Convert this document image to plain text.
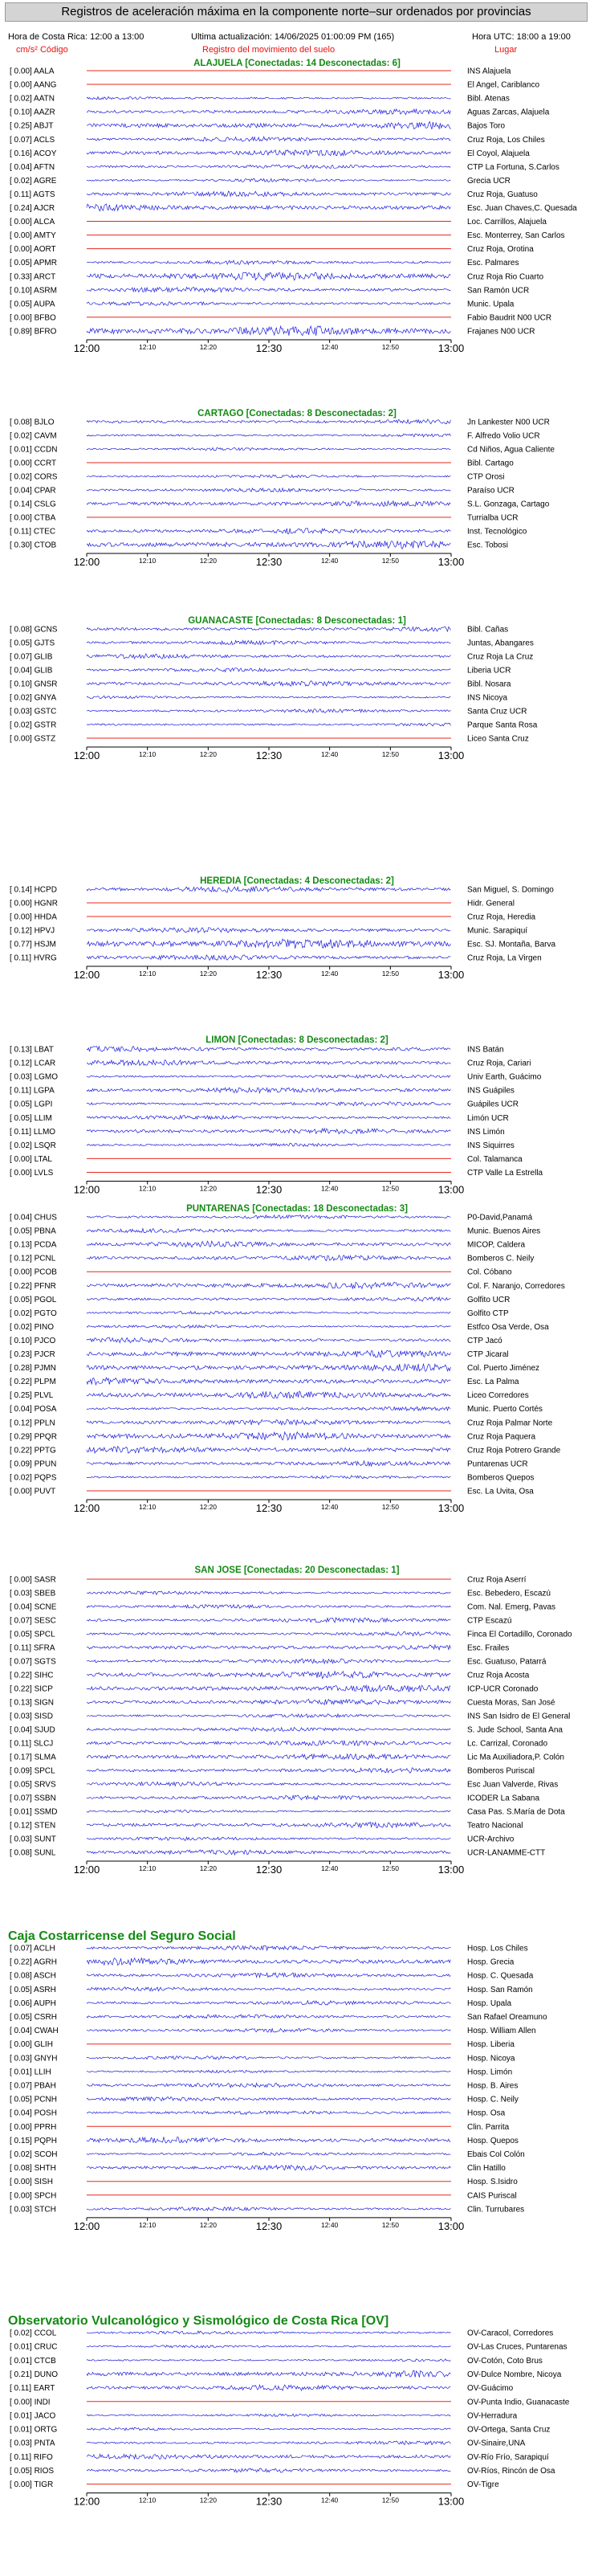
Registros de aceleración máxima en la componente norte–sur ordenados por provincias
Hora de Costa Rica: 12:00 a 13:00	Ultima actualización: 14/06/2025 01:00:09 PM (165)	Hora UTC: 18:00 a 19:00
cm/s² Código	Registro del movimiento del suelo	Lugar
ALAJUELA [Conectadas: 14 Desconectadas: 6]
[ 0.00] AALA	INS Alajuela
[ 0.00] AANG	El Angel, Cariblanco
[ 0.02] AATN	Bibl. Atenas
[ 0.10] AAZR	Aguas Zarcas, Alajuela
[ 0.25] ABJT	Bajos Toro
[ 0.07] ACLS	Cruz Roja, Los Chiles
[ 0.16] ACOY	El Coyol, Alajuela
[ 0.04] AFTN	CTP La Fortuna, S.Carlos
[ 0.02] AGRE	Grecia UCR
[ 0.11] AGTS	Cruz Roja, Guatuso
[ 0.24] AJCR	Esc. Juan Chaves,C. Quesada
[ 0.00] ALCA	Loc. Carrillos, Alajuela
[ 0.00] AMTY	Esc. Monterrey, San Carlos
[ 0.00] AORT	Cruz Roja, Orotina
[ 0.05] APMR	Esc. Palmares
[ 0.33] ARCT	Cruz Roja Rio Cuarto
[ 0.10] ASRM	San Ramón UCR
[ 0.05] AUPA	Munic. Upala
[ 0.00] BFBO	Fabio Baudrit N00 UCR
[ 0.89] BFRO	Frajanes N00 UCR
12:00	12:10	12:20	12:30	12:40	12:50	13:00
CARTAGO [Conectadas: 8 Desconectadas: 2]
[ 0.08] BJLO	Jn Lankester N00 UCR
[ 0.02] CAVM	F. Alfredo Volio UCR
[ 0.01] CCDN	Cd Niños, Agua Caliente
[ 0.00] CCRT	Bibl. Cartago
[ 0.02] CORS	CTP Orosi
[ 0.04] CPAR	Paraíso UCR
[ 0.14] CSLG	S.L. Gonzaga, Cartago
[ 0.00] CTBA	Turrialba UCR
[ 0.11] CTEC	Inst. Tecnológico
[ 0.30] CTOB	Esc. Tobosi
12:00	12:10	12:20	12:30	12:40	12:50	13:00
GUANACASTE [Conectadas: 8 Desconectadas: 1]
[ 0.08] GCNS	Bibl. Cañas
[ 0.05] GJTS	Juntas, Abangares
[ 0.07] GLIB	Cruz Roja La Cruz
[ 0.04] GLIB	Liberia UCR
[ 0.10] GNSR	Bibl. Nosara
[ 0.02] GNYA	INS Nicoya
[ 0.03] GSTC	Santa Cruz UCR
[ 0.02] GSTR	Parque Santa Rosa
[ 0.00] GSTZ	Liceo Santa Cruz
12:00	12:10	12:20	12:30	12:40	12:50	13:00
HEREDIA [Conectadas: 4 Desconectadas: 2]
[ 0.14] HCPD	San Miguel, S. Domingo
[ 0.00] HGNR	Hidr. General
[ 0.00] HHDA	Cruz Roja, Heredia
[ 0.12] HPVJ	Munic. Sarapiquí
[ 0.77] HSJM	Esc. SJ. Montaña, Barva
[ 0.11] HVRG	Cruz Roja, La Virgen
12:00	12:10	12:20	12:30	12:40	12:50	13:00
LIMON [Conectadas: 8 Desconectadas: 2]
[ 0.13] LBAT	INS Batán
[ 0.12] LCAR	Cruz Roja, Cariari
[ 0.03] LGMO	Univ Earth, Guácimo
[ 0.11] LGPA	INS Guápiles
[ 0.05] LGPI	Guápiles UCR
[ 0.05] LLIM	Limón UCR
[ 0.11] LLMO	INS Limón
[ 0.02] LSQR	INS Siquirres
[ 0.00] LTAL	Col. Talamanca
[ 0.00] LVLS	CTP Valle La Estrella
12:00	12:10	12:20	12:30	12:40	12:50	13:00
PUNTARENAS [Conectadas: 18 Desconectadas: 3]
[ 0.04] CHUS	P0-David,Panamá
[ 0.05] PBNA	Munic. Buenos Aires
[ 0.13] PCDA	MICOP, Caldera
[ 0.12] PCNL	Bomberos C. Neily
[ 0.00] PCOB	Col. Cóbano
[ 0.22] PFNR	Col. F. Naranjo, Corredores
[ 0.05] PGOL	Golfito UCR
[ 0.02] PGTO	Golfito CTP
[ 0.02] PINO	Estfco Osa Verde, Osa
[ 0.10] PJCO	CTP Jacó
[ 0.23] PJCR	CTP Jicaral
[ 0.28] PJMN	Col. Puerto Jiménez
[ 0.22] PLPM	Esc. La Palma
[ 0.25] PLVL	Liceo Corredores
[ 0.04] POSA	Munic. Puerto Cortés
[ 0.12] PPLN	Cruz Roja Palmar Norte
[ 0.29] PPQR	Cruz Roja Paquera
[ 0.22] PPTG	Cruz Roja Potrero Grande
[ 0.09] PPUN	Puntarenas UCR
[ 0.02] PQPS	Bomberos Quepos
[ 0.00] PUVT	Esc. La Uvita, Osa
12:00	12:10	12:20	12:30	12:40	12:50	13:00
SAN JOSE [Conectadas: 20 Desconectadas: 1]
[ 0.00] SASR	Cruz Roja Aserrí
[ 0.03] SBEB	Esc. Bebedero, Escazú
[ 0.04] SCNE	Com. Nal. Emerg, Pavas
[ 0.07] SESC	CTP Escazú
[ 0.05] SPCL	Finca El Cortadillo, Coronado
[ 0.11] SFRA	Esc. Frailes
[ 0.07] SGTS	Esc. Guatuso, Patarrá
[ 0.22] SIHC	Cruz Roja Acosta
[ 0.22] SICP	ICP-UCR Coronado
[ 0.13] SIGN	Cuesta Moras, San José
[ 0.03] SISD	INS San Isidro de El General
[ 0.04] SJUD	S. Jude School, Santa Ana
[ 0.11] SLCJ	Lc. Carrizal, Coronado
[ 0.17] SLMA	Lic Ma Auxiliadora,P. Colón
[ 0.09] SPCL	Bomberos Puriscal
[ 0.05] SRVS	Esc Juan Valverde, Rivas
[ 0.07] SSBN	ICODER La Sabana
[ 0.01] SSMD	Casa Pas. S.María de Dota
[ 0.12] STEN	Teatro Nacional
[ 0.03] SUNT	UCR-Archivo
[ 0.08] SUNL	UCR-LANAMME-CTT
12:00	12:10	12:20	12:30	12:40	12:50	13:00
Caja Costarricense del Seguro Social
[ 0.07] ACLH	Hosp. Los Chiles
[ 0.22] AGRH	Hosp. Grecia
[ 0.08] ASCH	Hosp. C. Quesada
[ 0.05] ASRH	Hosp. San Ramón
[ 0.06] AUPH	Hosp. Upala
[ 0.05] CSRH	San Rafael Oreamuno
[ 0.04] CWAH	Hosp. William Allen
[ 0.00] GLIH	Hosp. Liberia
[ 0.03] GNYH	Hosp. Nicoya
[ 0.01] LLIH	Hosp. Limón
[ 0.07] PBAH	Hosp. B. Aires
[ 0.05] PCNH	Hosp. C. Neily
[ 0.04] POSH	Hosp. Osa
[ 0.00] PPRH	Clin. Parrita
[ 0.15] PQPH	Hosp. Quepos
[ 0.02] SCOH	Ebais Col Colón
[ 0.08] SHTH	Clin Hatillo
[ 0.00] SISH	Hosp. S.Isidro
[ 0.00] SPCH	CAIS Puriscal
[ 0.03] STCH	Clin. Turrubares
12:00	12:10	12:20	12:30	12:40	12:50	13:00
Observatorio Vulcanológico y Sismológico de Costa Rica [OV]
[ 0.02] CCOL	OV-Caracol, Corredores
[ 0.01] CRUC	OV-Las Cruces, Puntarenas
[ 0.01] CTCB	OV-Cotón, Coto Brus
[ 0.21] DUNO	OV-Dulce Nombre, Nicoya
[ 0.11] EART	OV-Guácimo
[ 0.00] INDI	OV-Punta Indio, Guanacaste
[ 0.01] JACO	OV-Herradura
[ 0.01] ORTG	OV-Ortega, Santa Cruz
[ 0.03] PNTA	OV-Sinaire,UNA
[ 0.11] RIFO	OV-Río Frío, Sarapiquí
[ 0.05] RIOS	OV-Ríos, Rincón de Osa
[ 0.00] TIGR	OV-Tigre
12:00	12:10	12:20	12:30	12:40	12:50	13:00
